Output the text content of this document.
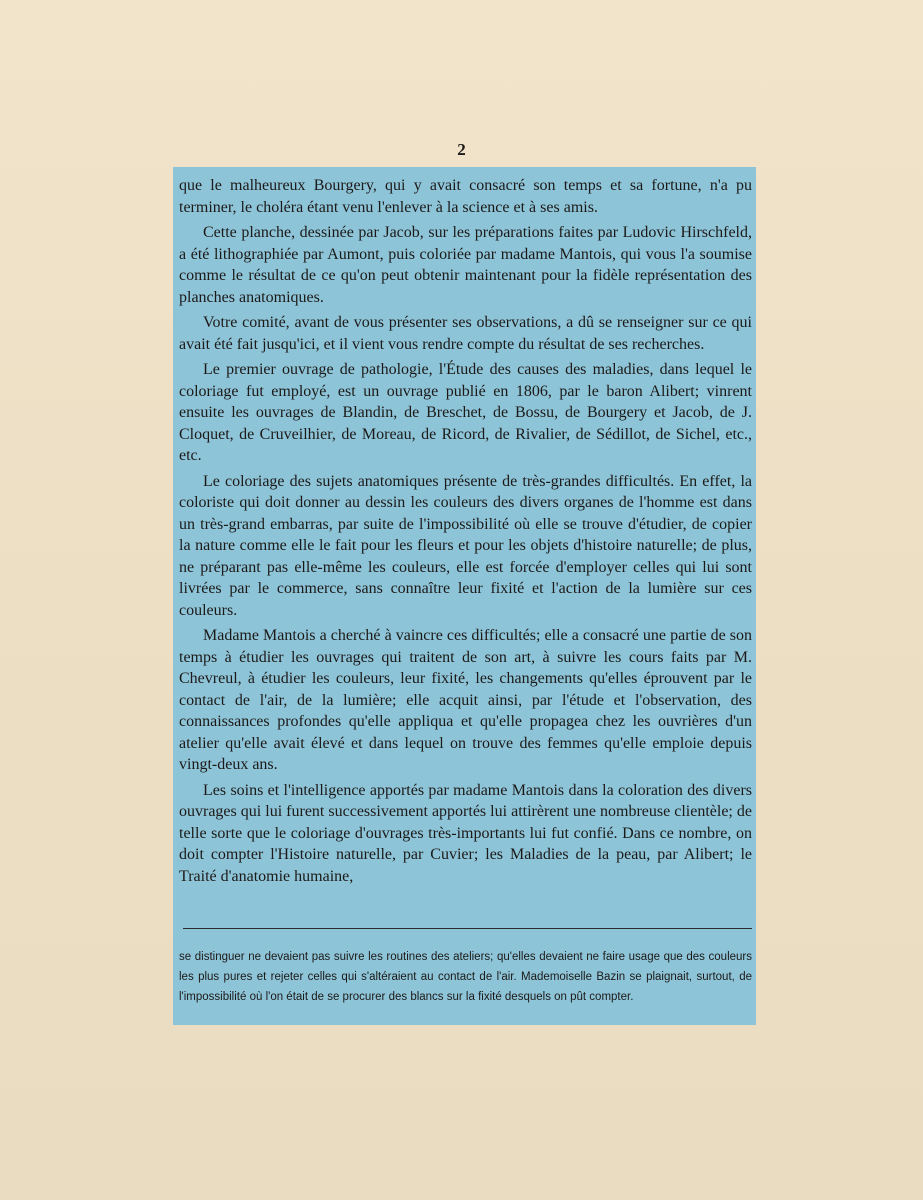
2

que le malheureux Bourgery, qui y avait consacré son temps et sa fortune, n'a pu terminer, le choléra étant venu l'enlever à la science et à ses amis.

Cette planche, dessinée par Jacob, sur les préparations faites par Ludovic Hirschfeld, a été lithographiée par Aumont, puis coloriée par madame Mantois, qui vous l'a soumise comme le résultat de ce qu'on peut obtenir maintenant pour la fidèle représentation des planches anatomiques.

Votre comité, avant de vous présenter ses observations, a dû se renseigner sur ce qui avait été fait jusqu'ici, et il vient vous rendre compte du résultat de ses recherches.

Le premier ouvrage de pathologie, l'Étude des causes des maladies, dans lequel le coloriage fut employé, est un ouvrage publié en 1806, par le baron Alibert; vinrent ensuite les ouvrages de Blandin, de Breschet, de Bossu, de Bourgery et Jacob, de J. Cloquet, de Cruveilhier, de Moreau, de Ricord, de Rivalier, de Sédillot, de Sichel, etc., etc.

Le coloriage des sujets anatomiques présente de très-grandes difficultés. En effet, la coloriste qui doit donner au dessin les couleurs des divers organes de l'homme est dans un très-grand embarras, par suite de l'impossibilité où elle se trouve d'étudier, de copier la nature comme elle le fait pour les fleurs et pour les objets d'histoire naturelle; de plus, ne préparant pas elle-même les couleurs, elle est forcée d'employer celles qui lui sont livrées par le commerce, sans connaître leur fixité et l'action de la lumière sur ces couleurs.

Madame Mantois a cherché à vaincre ces difficultés; elle a consacré une partie de son temps à étudier les ouvrages qui traitent de son art, à suivre les cours faits par M. Chevreul, à étudier les couleurs, leur fixité, les changements qu'elles éprouvent par le contact de l'air, de la lumière; elle acquit ainsi, par l'étude et l'observation, des connaissances profondes qu'elle appliqua et qu'elle propagea chez les ouvrières d'un atelier qu'elle avait élevé et dans lequel on trouve des femmes qu'elle emploie depuis vingt-deux ans.

Les soins et l'intelligence apportés par madame Mantois dans la coloration des divers ouvrages qui lui furent successivement apportés lui attirèrent une nombreuse clientèle; de telle sorte que le coloriage d'ouvrages très-importants lui fut confié. Dans ce nombre, on doit compter l'Histoire naturelle, par Cuvier; les Maladies de la peau, par Alibert; le Traité d'anatomie humaine,

se distinguer ne devaient pas suivre les routines des ateliers; qu'elles devaient ne faire usage que des couleurs les plus pures et rejeter celles qui s'altéraient au contact de l'air. Mademoiselle Bazin se plaignait, surtout, de l'impossibilité où l'on était de se procurer des blancs sur la fixité desquels on pût compter.
